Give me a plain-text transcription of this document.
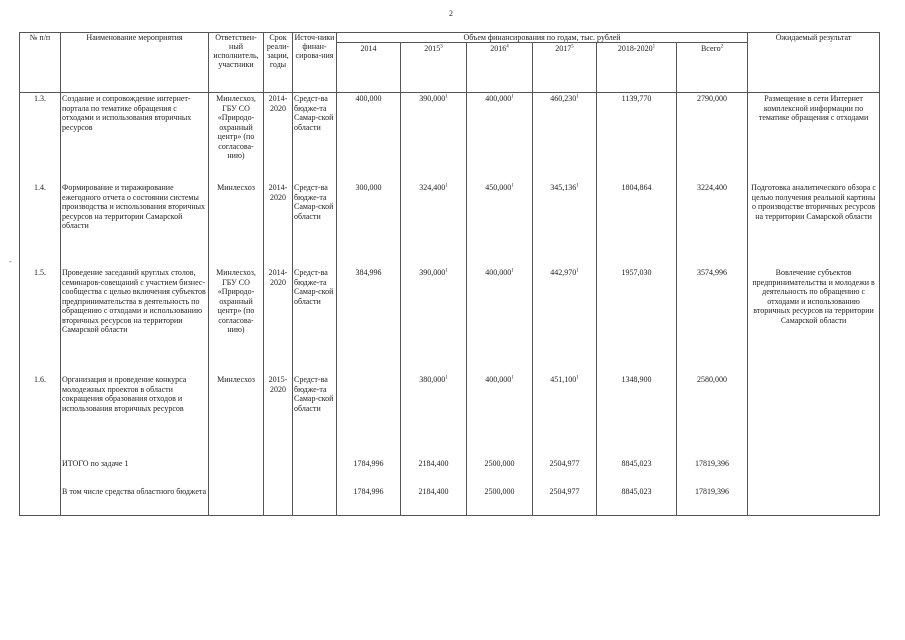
2
№ п/п	Наименование мероприятия	Ответствен-ный исполнитель, участники	Срок реали-зации, годы	Источ-ники финан-сирова-ния	Объем финансирования по годам, тыс. рублей						Ожидаемый результат
					2014	2015$^3$	2016$^4$	2017$^5$	2018-2020$^1$	Всего$^2$
1.3.	Создание и сопровождение интернет-портала по тематике обращения с отходами и использования вторичных ресурсов	Минлесхоз, ГБУ СО «Природо-охранный центр» (по согласова-нию)	2014-2020	Средст-ва бюдже-та Самар-ской области	400,000	390,000$^1$	400,000$^1$	460,230$^1$	1139,770	2790,000	Размещение в сети Интернет комплексной информации по тематике обращения с отходами
1.4.	Формирование и тиражирование ежегодного отчета о состоянии системы производства и использования вторичных ресурсов на территории Самарской области	Минлесхоз	2014-2020	Средст-ва бюдже-та Самар-ской области	300,000	324,400$^1$	450,000$^1$	345,136$^1$	1804,864	3224,400	Подготовка аналитического обзора с целью получения реальной картины о производстве вторичных ресурсов на территории Самарской области
1.5.	Проведение заседаний круглых столов, семинаров-совещаний с участием бизнес-сообщества с целью включения субъектов предпринимательства в деятельность по обращению с отходами и использованию вторичных ресурсов на территории Самарской области	Минлесхоз, ГБУ СО «Природо-охранный центр» (по согласова-нию)	2014-2020	Средст-ва бюдже-та Самар-ской области	384,996	390,000$^1$	400,000$^1$	442,970$^1$	1957,030	3574,996	Вовлечение субъектов предпринимательства и молодежи в деятельность по обращению с отходами и использованию вторичных ресурсов на территории Самарской области
1.6.	Организация и проведение конкурса молодежных проектов в области сокращения образования отходов и использования вторичных ресурсов	Минлесхоз	2015-2020	Средст-ва бюдже-та Самар-ской области		380,000$^1$	400,000$^1$	451,100$^1$	1348,900	2580,000	
	ИТОГО по задаче 1				1784,996	2184,400	2500,000	2504,977	8845,023	17819,396	
	В том числе средства областного бюджета				1784,996	2184,400	2500,000	2504,977	8845,023	17819,396	
-
